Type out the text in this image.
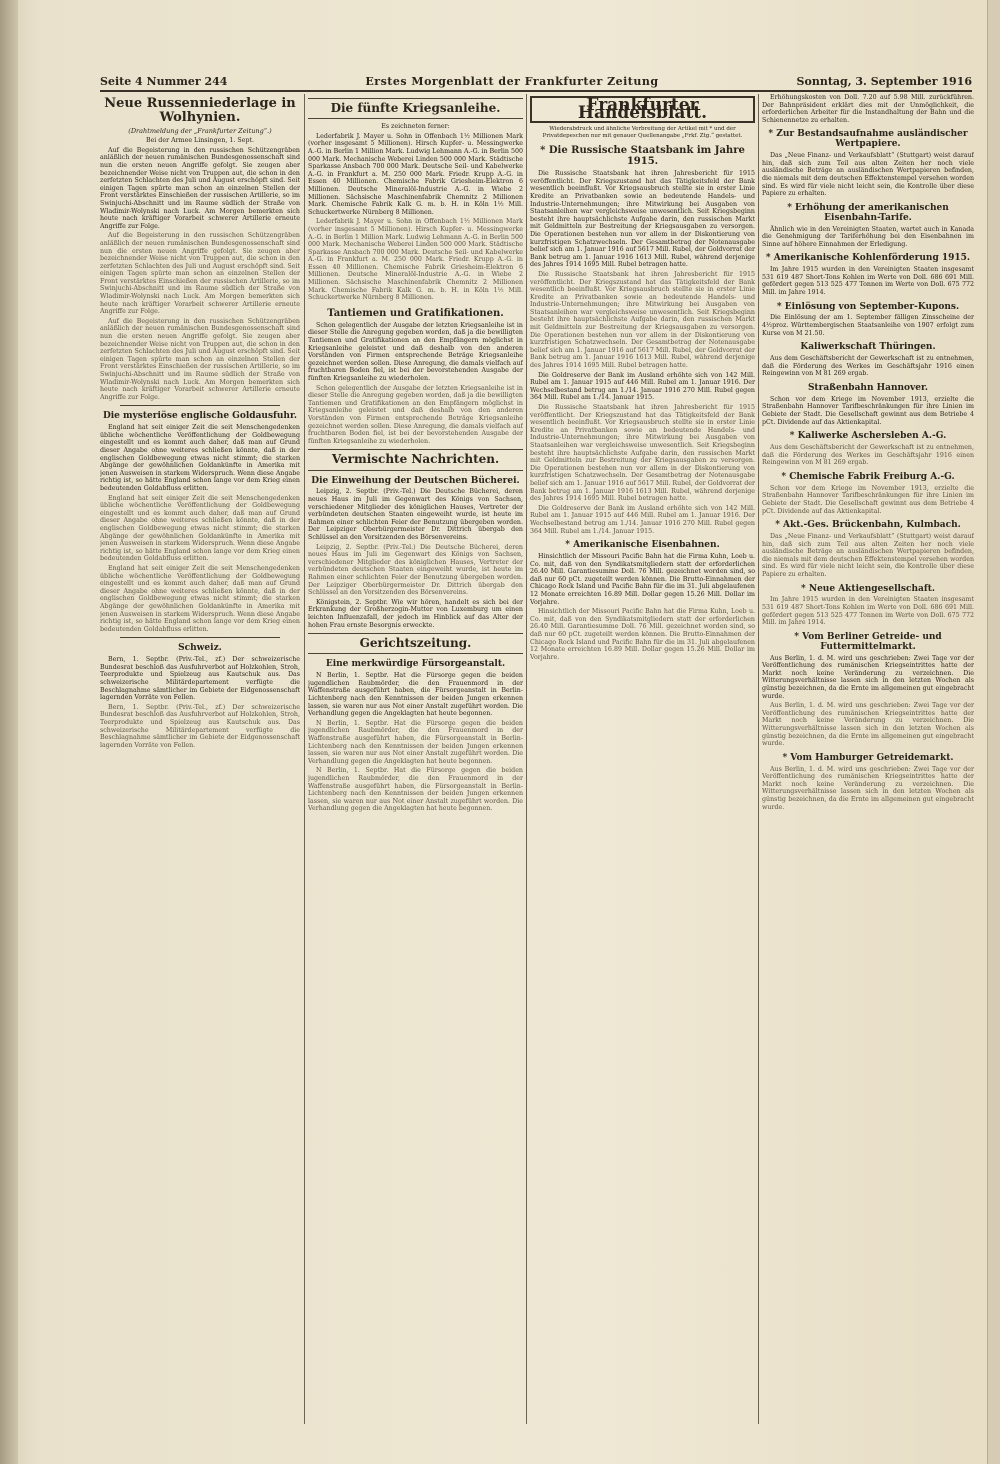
Seite 4 Nummer 244	Erstes Morgenblatt der Frankfurter Zeitung	Sonntag, 3. September 1916
Neue Russenniederlage in Wolhynien.
(Drahtmeldung der „Frankfurter Zeitung“.)
Bei der Armee Linsingen, 1. Sept.

Auf die Begeisterung in den russischen Schützengräben anläßlich der neuen rumänischen Bundesgenossenschaft sind nun die ersten neuen Angriffe gefolgt. Sie zeugen aber bezeichnender Weise nicht von Truppen aut, die schon in den zerfetzten Schlachten des Juli und August erschöpft sind. Seit einigen Tagen spürte man schon an einzelnen Stellen der Front verstärktes Einschießen der russischen Artillerie, so im Swinjuchi-Abschnitt und im Raume südlich der Straße von Wladimir-Wolynski nach Luck. Am Morgen bemerkten sich heute nach kräftiger Vorarbeit schwerer Artillerie erneute Angriffe zur Folge.

Auf die Begeisterung in den russischen Schützengräben anläßlich der neuen rumänischen Bundesgenossenschaft sind nun die ersten neuen Angriffe gefolgt. Sie zeugen aber bezeichnender Weise nicht von Truppen aut, die schon in den zerfetzten Schlachten des Juli und August erschöpft sind. Seit einigen Tagen spürte man schon an einzelnen Stellen der Front verstärktes Einschießen der russischen Artillerie, so im Swinjuchi-Abschnitt und im Raume südlich der Straße von Wladimir-Wolynski nach Luck. Am Morgen bemerkten sich heute nach kräftiger Vorarbeit schwerer Artillerie erneute Angriffe zur Folge.

Auf die Begeisterung in den russischen Schützengräben anläßlich der neuen rumänischen Bundesgenossenschaft sind nun die ersten neuen Angriffe gefolgt. Sie zeugen aber bezeichnender Weise nicht von Truppen aut, die schon in den zerfetzten Schlachten des Juli und August erschöpft sind. Seit einigen Tagen spürte man schon an einzelnen Stellen der Front verstärktes Einschießen der russischen Artillerie, so im Swinjuchi-Abschnitt und im Raume südlich der Straße von Wladimir-Wolynski nach Luck. Am Morgen bemerkten sich heute nach kräftiger Vorarbeit schwerer Artillerie erneute Angriffe zur Folge.

Die mysteriöse englische Goldausfuhr.

England hat seit einiger Zeit die seit Menschengedenken übliche wöchentliche Veröffentlichung der Goldbewegung eingestellt und es kommt auch daher, daß man auf Grund dieser Angabe ohne weiteres schließen könnte, daß in der englischen Goldbewegung etwas nicht stimmt; die starken Abgänge der gewöhnlichen Goldankünfte in Amerika mit jenen Ausweisen in starkem Widerspruch. Wenn diese Angabe richtig ist, so hätte England schon lange vor dem Krieg einen bedeutenden Goldabfluss erlitten.

England hat seit einiger Zeit die seit Menschengedenken übliche wöchentliche Veröffentlichung der Goldbewegung eingestellt und es kommt auch daher, daß man auf Grund dieser Angabe ohne weiteres schließen könnte, daß in der englischen Goldbewegung etwas nicht stimmt; die starken Abgänge der gewöhnlichen Goldankünfte in Amerika mit jenen Ausweisen in starkem Widerspruch. Wenn diese Angabe richtig ist, so hätte England schon lange vor dem Krieg einen bedeutenden Goldabfluss erlitten.

England hat seit einiger Zeit die seit Menschengedenken übliche wöchentliche Veröffentlichung der Goldbewegung eingestellt und es kommt auch daher, daß man auf Grund dieser Angabe ohne weiteres schließen könnte, daß in der englischen Goldbewegung etwas nicht stimmt; die starken Abgänge der gewöhnlichen Goldankünfte in Amerika mit jenen Ausweisen in starkem Widerspruch. Wenn diese Angabe richtig ist, so hätte England schon lange vor dem Krieg einen bedeutenden Goldabfluss erlitten.

Schweiz.

Bern, 1. Septbr. (Priv.-Tel., zf.) Der schweizerische Bundesrat beschloß das Ausfuhrverbot auf Holzkohlen, Stroh, Teerprodukte und Spielzeug aus Kautschuk aus. Das schweizerische Militärdepartement verfügte die Beschlagnahme sämtlicher im Gebiete der Eidgenossenschaft lagernden Vorräte von Fellen.

Bern, 1. Septbr. (Priv.-Tel., zf.) Der schweizerische Bundesrat beschloß das Ausfuhrverbot auf Holzkohlen, Stroh, Teerprodukte und Spielzeug aus Kautschuk aus. Das schweizerische Militärdepartement verfügte die Beschlagnahme sämtlicher im Gebiete der Eidgenossenschaft lagernden Vorräte von Fellen.

Die fünfte Kriegsanleihe.
Es zeichneten ferner:

Lederfabrik J. Mayer u. Sohn in Offenbach 1½ Millionen Mark (vorher insgesamt 5 Millionen). Hirsch Kupfer- u. Messingwerke A.-G. in Berlin 1 Million Mark. Ludwig Lehmann A.-G. in Berlin 500 000 Mark. Mechanische Weberei Linden 500 000 Mark. Städtische Sparkasse Ansbach 700 000 Mark. Deutsche Seil- und Kabelwerke A.-G. in Frankfurt a. M. 250 000 Mark. Friedr. Krupp A.-G. in Essen 40 Millionen. Chemische Fabrik Griesheim-Elektron 6 Millionen. Deutsche Mineralöl-Industrie A.-G. in Wiebe 2 Millionen. Sächsische Maschinenfabrik Chemnitz 2 Millionen Mark. Chemische Fabrik Kalk G. m. b. H. in Köln 1½ Mill. Schuckertwerke Nürnberg 8 Millionen.

Lederfabrik J. Mayer u. Sohn in Offenbach 1½ Millionen Mark (vorher insgesamt 5 Millionen). Hirsch Kupfer- u. Messingwerke A.-G. in Berlin 1 Million Mark. Ludwig Lehmann A.-G. in Berlin 500 000 Mark. Mechanische Weberei Linden 500 000 Mark. Städtische Sparkasse Ansbach 700 000 Mark. Deutsche Seil- und Kabelwerke A.-G. in Frankfurt a. M. 250 000 Mark. Friedr. Krupp A.-G. in Essen 40 Millionen. Chemische Fabrik Griesheim-Elektron 6 Millionen. Deutsche Mineralöl-Industrie A.-G. in Wiebe 2 Millionen. Sächsische Maschinenfabrik Chemnitz 2 Millionen Mark. Chemische Fabrik Kalk G. m. b. H. in Köln 1½ Mill. Schuckertwerke Nürnberg 8 Millionen.

Tantiemen und Gratifikationen.

Schon gelegentlich der Ausgabe der letzten Kriegsanleihe ist in dieser Stelle die Anregung gegeben worden, daß ja die bewilligten Tantiemen und Gratifikationen an den Empfängern möglichst in Kriegsanleihe geleistet und daß deshalb von den anderen Vorständen von Firmen entsprechende Beträge Kriegsanleihe gezeichnet werden sollen. Diese Anregung, die damals vielfach auf fruchtbaren Boden fiel, ist bei der bevorstehenden Ausgabe der fünften Kriegsanleihe zu wiederholen.

Schon gelegentlich der Ausgabe der letzten Kriegsanleihe ist in dieser Stelle die Anregung gegeben worden, daß ja die bewilligten Tantiemen und Gratifikationen an den Empfängern möglichst in Kriegsanleihe geleistet und daß deshalb von den anderen Vorständen von Firmen entsprechende Beträge Kriegsanleihe gezeichnet werden sollen. Diese Anregung, die damals vielfach auf fruchtbaren Boden fiel, ist bei der bevorstehenden Ausgabe der fünften Kriegsanleihe zu wiederholen.

Vermischte Nachrichten.
Die Einweihung der Deutschen Bücherei.

Leipzig, 2. Septbr. (Priv.-Tel.) Die Deutsche Bücherei, deren neues Haus im Juli im Gegenwart des Königs von Sachsen, verschiedener Mitglieder des königlichen Hauses, Vertreter der verbündeten deutschen Staaten eingeweiht wurde, ist heute im Rahmen einer schlichten Feier der Benutzung übergeben worden. Der Leipziger Oberbürgermeister Dr. Dittrich übergab den Schlüssel an den Vorsitzenden des Börsenvereins.

Leipzig, 2. Septbr. (Priv.-Tel.) Die Deutsche Bücherei, deren neues Haus im Juli im Gegenwart des Königs von Sachsen, verschiedener Mitglieder des königlichen Hauses, Vertreter der verbündeten deutschen Staaten eingeweiht wurde, ist heute im Rahmen einer schlichten Feier der Benutzung übergeben worden. Der Leipziger Oberbürgermeister Dr. Dittrich übergab den Schlüssel an den Vorsitzenden des Börsenvereins.

Königstein, 2. Septbr. Wie wir hören, handelt es sich bei der Erkrankung der Großherzogin-Mutter von Luxemburg um einen leichten Influenzafall, der jedoch im Hinblick auf das Alter der hohen Frau ernste Besorgnis erweckte.

Gerichtszeitung.
Eine merkwürdige Fürsorgeanstalt.

N Berlin, 1. Septbr. Hat die Fürsorge gegen die beiden jugendlichen Raubmörder, die den Frauenmord in der Waffenstraße ausgeführt haben, die Fürsorgeanstalt in Berlin-Lichtenberg nach den Kenntnissen der beiden Jungen erkennen lassen, sie waren nur aus Not einer Anstalt zugeführt worden. Die Verhandlung gegen die Angeklagten hat heute begonnen.

N Berlin, 1. Septbr. Hat die Fürsorge gegen die beiden jugendlichen Raubmörder, die den Frauenmord in der Waffenstraße ausgeführt haben, die Fürsorgeanstalt in Berlin-Lichtenberg nach den Kenntnissen der beiden Jungen erkennen lassen, sie waren nur aus Not einer Anstalt zugeführt worden. Die Verhandlung gegen die Angeklagten hat heute begonnen.

N Berlin, 1. Septbr. Hat die Fürsorge gegen die beiden jugendlichen Raubmörder, die den Frauenmord in der Waffenstraße ausgeführt haben, die Fürsorgeanstalt in Berlin-Lichtenberg nach den Kenntnissen der beiden Jungen erkennen lassen, sie waren nur aus Not einer Anstalt zugeführt worden. Die Verhandlung gegen die Angeklagten hat heute begonnen.

Frankfurter Handelsblatt.
Wiederabdruck und ähnliche Verbreitung der Artikel mit * und der Privatdepeschen nur mit genauer Quellenangabe „Frkf. Ztg.“ gestattet.
* Die Russische Staatsbank im Jahre 1915.

Die Russische Staatsbank hat ihren Jahresbericht für 1915 veröffentlicht. Der Kriegszustand hat das Tätigkeitsfeld der Bank wesentlich beeinflußt. Vor Kriegsausbruch stellte sie in erster Linie Kredite an Privatbanken sowie an bedeutende Handels- und Industrie-Unternehmungen; ihre Mitwirkung bei Ausgaben von Staatsanleihen war vergleichsweise unwesentlich. Seit Kriegsbeginn besteht ihre hauptsächlichste Aufgabe darin, den russischen Markt mit Geldmitteln zur Bestreitung der Kriegsausgaben zu versorgen. Die Operationen bestehen nun vor allem in der Diskontierung von kurzfristigen Schatzwechseln. Der Gesamtbetrag der Notenausgabe belief sich am 1. Januar 1916 auf 5617 Mill. Rubel, der Goldvorrat der Bank betrug am 1. Januar 1916 1613 Mill. Rubel, während derjenige des Jahres 1914 1695 Mill. Rubel betragen hatte.

Die Russische Staatsbank hat ihren Jahresbericht für 1915 veröffentlicht. Der Kriegszustand hat das Tätigkeitsfeld der Bank wesentlich beeinflußt. Vor Kriegsausbruch stellte sie in erster Linie Kredite an Privatbanken sowie an bedeutende Handels- und Industrie-Unternehmungen; ihre Mitwirkung bei Ausgaben von Staatsanleihen war vergleichsweise unwesentlich. Seit Kriegsbeginn besteht ihre hauptsächlichste Aufgabe darin, den russischen Markt mit Geldmitteln zur Bestreitung der Kriegsausgaben zu versorgen. Die Operationen bestehen nun vor allem in der Diskontierung von kurzfristigen Schatzwechseln. Der Gesamtbetrag der Notenausgabe belief sich am 1. Januar 1916 auf 5617 Mill. Rubel, der Goldvorrat der Bank betrug am 1. Januar 1916 1613 Mill. Rubel, während derjenige des Jahres 1914 1695 Mill. Rubel betragen hatte.

Die Goldreserve der Bank im Ausland erhöhte sich von 142 Mill. Rubel am 1. Januar 1915 auf 446 Mill. Rubel am 1. Januar 1916. Der Wechselbestand betrug am 1./14. Januar 1916 270 Mill. Rubel gegen 364 Mill. Rubel am 1./14. Januar 1915.

Die Russische Staatsbank hat ihren Jahresbericht für 1915 veröffentlicht. Der Kriegszustand hat das Tätigkeitsfeld der Bank wesentlich beeinflußt. Vor Kriegsausbruch stellte sie in erster Linie Kredite an Privatbanken sowie an bedeutende Handels- und Industrie-Unternehmungen; ihre Mitwirkung bei Ausgaben von Staatsanleihen war vergleichsweise unwesentlich. Seit Kriegsbeginn besteht ihre hauptsächlichste Aufgabe darin, den russischen Markt mit Geldmitteln zur Bestreitung der Kriegsausgaben zu versorgen. Die Operationen bestehen nun vor allem in der Diskontierung von kurzfristigen Schatzwechseln. Der Gesamtbetrag der Notenausgabe belief sich am 1. Januar 1916 auf 5617 Mill. Rubel, der Goldvorrat der Bank betrug am 1. Januar 1916 1613 Mill. Rubel, während derjenige des Jahres 1914 1695 Mill. Rubel betragen hatte.

Die Goldreserve der Bank im Ausland erhöhte sich von 142 Mill. Rubel am 1. Januar 1915 auf 446 Mill. Rubel am 1. Januar 1916. Der Wechselbestand betrug am 1./14. Januar 1916 270 Mill. Rubel gegen 364 Mill. Rubel am 1./14. Januar 1915.

* Amerikanische Eisenbahnen.

Hinsichtlich der Missouri Pacific Bahn hat die Firma Kuhn, Loeb u. Co. mit, daß von den Syndikatsmitgliedern statt der erforderlichen 26.40 Mill. Garantiesumme Doll. 76 Mill. gezeichnet worden sind, so daß nur 60 pCt. zugeteilt werden können. Die Brutto-Einnahmen der Chicago Rock Island und Pacific Bahn für die im 31. Juli abgelaufenen 12 Monate erreichten 16.89 Mill. Dollar gegen 15.26 Mill. Dollar im Vorjahre.

Hinsichtlich der Missouri Pacific Bahn hat die Firma Kuhn, Loeb u. Co. mit, daß von den Syndikatsmitgliedern statt der erforderlichen 26.40 Mill. Garantiesumme Doll. 76 Mill. gezeichnet worden sind, so daß nur 60 pCt. zugeteilt werden können. Die Brutto-Einnahmen der Chicago Rock Island und Pacific Bahn für die im 31. Juli abgelaufenen 12 Monate erreichten 16.89 Mill. Dollar gegen 15.26 Mill. Dollar im Vorjahre.

Erhöhungskosten von Doll. 7.20 auf 5.98 Mill. zurückführen. Der Bahnpräsident erklärt dies mit der Unmöglichkeit, die erforderlichen Arbeiter für die Instandhaltung der Bahn und die Schienennetze zu erhalten.

* Zur Bestandsaufnahme ausländischer Wertpapiere.

Das „Neue Finanz- und Verkaufsblatt“ (Stuttgart) weist darauf hin, daß sich zum Teil aus alten Zeiten her noch viele ausländische Beträge an ausländischen Wertpapieren befinden, die niemals mit dem deutschen Effektenstempel versehen worden sind. Es wird für viele nicht leicht sein, die Kontrolle über diese Papiere zu erhalten.

* Erhöhung der amerikanischen Eisenbahn-Tarife.

Ähnlich wie in den Vereinigten Staaten, wartet auch in Kanada die Genehmigung der Tariferhöhung bei den Eisenbahnen im Sinne auf höhere Einnahmen der Erledigung.

* Amerikanische Kohlenförderung 1915.

Im Jahre 1915 wurden in den Vereinigten Staaten insgesamt 531 619 487 Short-Tons Kohlen im Werte von Doll. 686 691 Mill. gefördert gegen 513 525 477 Tonnen im Werte von Doll. 675 772 Mill. im Jahre 1914.

* Einlösung von September-Kupons.

Die Einlösung der am 1. September fälligen Zinsscheine der 4½proz. Württembergischen Staatsanleihe von 1907 erfolgt zum Kurse von M 21.50.

Kaliwerkschaft Thüringen.

Aus dem Geschäftsbericht der Gewerkschaft ist zu entnehmen, daß die Förderung des Werkes im Geschäftsjahr 1916 einen Reingewinn von M 81 269 ergab.

Straßenbahn Hannover.

Schon vor dem Kriege im November 1913, erzielte die Straßenbahn Hannover Tarifbeschränkungen für ihre Linien im Gebiete der Stadt. Die Gesellschaft gewinnt aus dem Betriebe 4 pCt. Dividende auf das Aktienkapital.

* Kaliwerke Aschersleben A.-G.

Aus dem Geschäftsbericht der Gewerkschaft ist zu entnehmen, daß die Förderung des Werkes im Geschäftsjahr 1916 einen Reingewinn von M 81 269 ergab.

* Chemische Fabrik Freiburg A.-G.

Schon vor dem Kriege im November 1913, erzielte die Straßenbahn Hannover Tarifbeschränkungen für ihre Linien im Gebiete der Stadt. Die Gesellschaft gewinnt aus dem Betriebe 4 pCt. Dividende auf das Aktienkapital.

* Akt.-Ges. Brückenbahn, Kulmbach.

Das „Neue Finanz- und Verkaufsblatt“ (Stuttgart) weist darauf hin, daß sich zum Teil aus alten Zeiten her noch viele ausländische Beträge an ausländischen Wertpapieren befinden, die niemals mit dem deutschen Effektenstempel versehen worden sind. Es wird für viele nicht leicht sein, die Kontrolle über diese Papiere zu erhalten.

* Neue Aktiengesellschaft.

Im Jahre 1915 wurden in den Vereinigten Staaten insgesamt 531 619 487 Short-Tons Kohlen im Werte von Doll. 686 691 Mill. gefördert gegen 513 525 477 Tonnen im Werte von Doll. 675 772 Mill. im Jahre 1914.

* Vom Berliner Getreide- und Futtermittelmarkt.

Aus Berlin, 1. d. M. wird uns geschrieben: Zwei Tage vor der Veröffentlichung des rumänischen Kriegseintrittes hatte der Markt noch keine Veränderung zu verzeichnen. Die Witterungsverhältnisse lassen sich in den letzten Wochen als günstig bezeichnen, da die Ernte im allgemeinen gut eingebracht wurde.

Aus Berlin, 1. d. M. wird uns geschrieben: Zwei Tage vor der Veröffentlichung des rumänischen Kriegseintrittes hatte der Markt noch keine Veränderung zu verzeichnen. Die Witterungsverhältnisse lassen sich in den letzten Wochen als günstig bezeichnen, da die Ernte im allgemeinen gut eingebracht wurde.

* Vom Hamburger Getreidemarkt.

Aus Berlin, 1. d. M. wird uns geschrieben: Zwei Tage vor der Veröffentlichung des rumänischen Kriegseintrittes hatte der Markt noch keine Veränderung zu verzeichnen. Die Witterungsverhältnisse lassen sich in den letzten Wochen als günstig bezeichnen, da die Ernte im allgemeinen gut eingebracht wurde.
